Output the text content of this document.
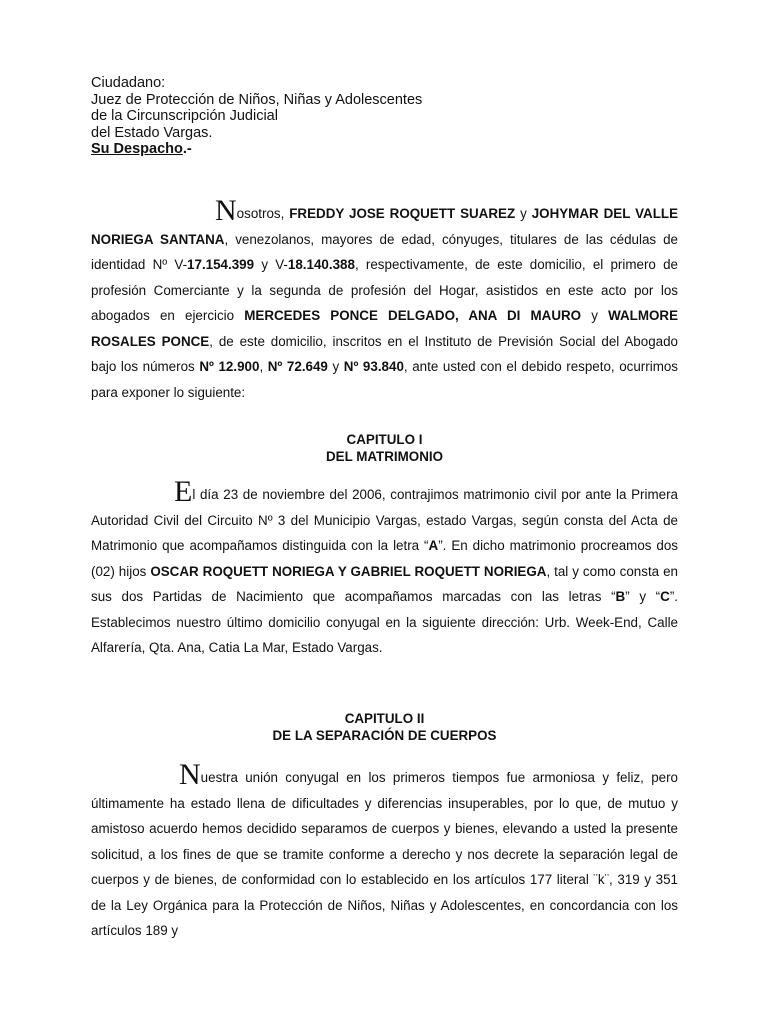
Ciudadano:
Juez de Protección de Niños, Niñas y Adolescentes
de la Circunscripción Judicial
del Estado Vargas.
Su Despacho.-

Nosotros, FREDDY JOSE ROQUETT SUAREZ y JOHYMAR DEL VALLE NORIEGA SANTANA, venezolanos, mayores de edad, cónyuges, titulares de las cédulas de identidad Nº V-17.154.399 y V-18.140.388, respectivamente, de este domicilio, el primero de profesión Comerciante y la segunda de profesión del Hogar, asistidos en este acto por los abogados en ejercicio MERCEDES PONCE DELGADO, ANA DI MAURO y WALMORE ROSALES PONCE, de este domicilio, inscritos en el Instituto de Previsión Social del Abogado bajo los números Nº 12.900, Nº 72.649 y Nº 93.840, ante usted con el debido respeto, ocurrimos para exponer lo siguiente:

CAPITULO I
DEL MATRIMONIO

El día 23 de noviembre del 2006, contrajimos matrimonio civil por ante la Primera Autoridad Civil del Circuito Nº 3 del Municipio Vargas, estado Vargas, según consta del Acta de Matrimonio que acompañamos distinguida con la letra “A”. En dicho matrimonio procreamos dos (02) hijos OSCAR ROQUETT NORIEGA Y GABRIEL ROQUETT NORIEGA, tal y como consta en sus dos Partidas de Nacimiento que acompañamos marcadas con las letras “B” y “C”. Establecimos nuestro último domicilio conyugal en la siguiente dirección: Urb. Week-End, Calle Alfarería, Qta. Ana, Catia La Mar, Estado Vargas.

CAPITULO II
DE LA SEPARACIÓN DE CUERPOS

Nuestra unión conyugal en los primeros tiempos fue armoniosa y feliz, pero últimamente ha estado llena de dificultades y diferencias insuperables, por lo que, de mutuo y amistoso acuerdo hemos decidido separamos de cuerpos y bienes, elevando a usted la presente solicitud, a los fines de que se tramite conforme a derecho y nos decrete la separación legal de cuerpos y de bienes, de conformidad con lo establecido en los artículos 177 literal ¨k¨, 319 y 351 de la Ley Orgánica para la Protección de Niños, Niñas y Adolescentes, en concordancia con los artículos 189 y
